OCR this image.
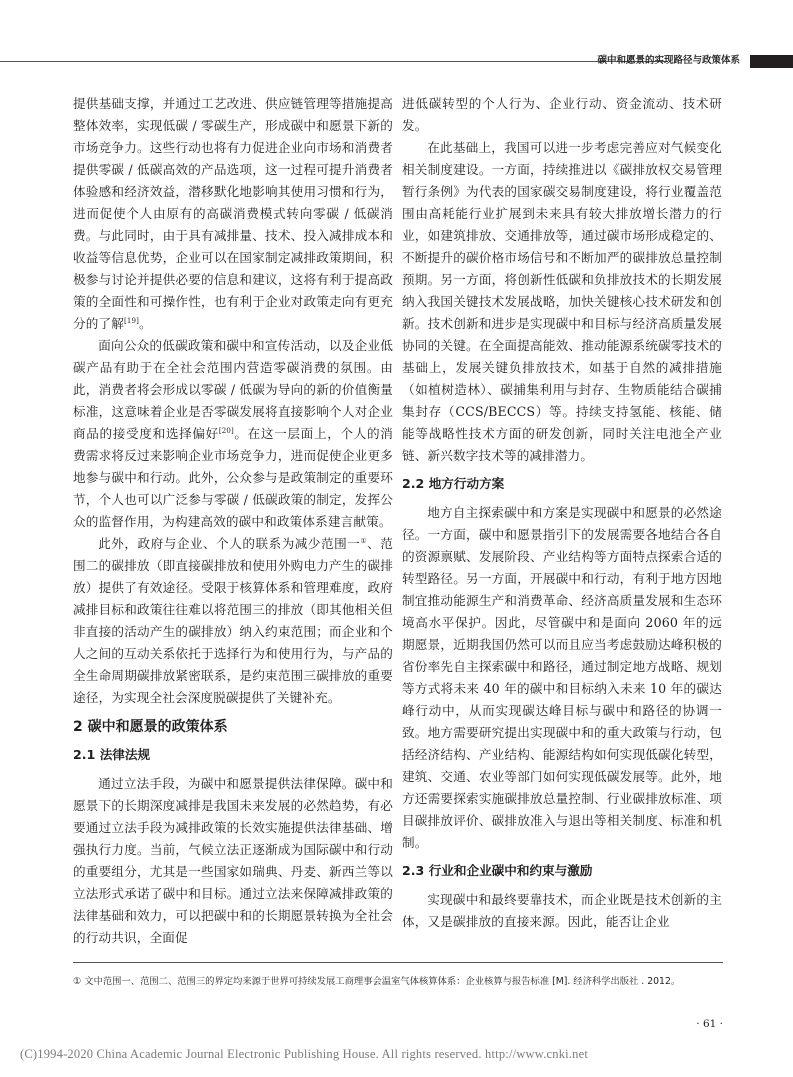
碳中和愿景的实现路径与政策体系

提供基础支撑，并通过工艺改进、供应链管理等措施提高整体效率，实现低碳 / 零碳生产，形成碳中和愿景下新的市场竞争力。这些行动也将有力促进企业向市场和消费者提供零碳 / 低碳高效的产品选项，这一过程可提升消费者体验感和经济效益，潜移默化地影响其使用习惯和行为，进而促使个人由原有的高碳消费模式转向零碳 / 低碳消费。与此同时，由于具有减排量、技术、投入减排成本和收益等信息优势，企业可以在国家制定减排政策期间，积极参与讨论并提供必要的信息和建议，这将有利于提高政策的全面性和可操作性，也有利于企业对政策走向有更充分的了解[19]。

面向公众的低碳政策和碳中和宣传活动，以及企业低碳产品有助于在全社会范围内营造零碳消费的氛围。由此，消费者将会形成以零碳 / 低碳为导向的新的价值衡量标准，这意味着企业是否零碳发展将直接影响个人对企业商品的接受度和选择偏好[20]。在这一层面上，个人的消费需求将反过来影响企业市场竞争力，进而促使企业更多地参与碳中和行动。此外，公众参与是政策制定的重要环节，个人也可以广泛参与零碳 / 低碳政策的制定，发挥公众的监督作用，为构建高效的碳中和政策体系建言献策。

此外，政府与企业、个人的联系为减少范围一①、范围二的碳排放（即直接碳排放和使用外购电力产生的碳排放）提供了有效途径。受限于核算体系和管理难度，政府减排目标和政策往往难以将范围三的排放（即其他相关但非直接的活动产生的碳排放）纳入约束范围；而企业和个人之间的互动关系依托于选择行为和使用行为，与产品的全生命周期碳排放紧密联系，是约束范围三碳排放的重要途径，为实现全社会深度脱碳提供了关键补充。

2 碳中和愿景的政策体系
2.1 法律法规

通过立法手段，为碳中和愿景提供法律保障。碳中和愿景下的长期深度减排是我国未来发展的必然趋势，有必要通过立法手段为减排政策的长效实施提供法律基础、增强执行力度。当前，气候立法正逐渐成为国际碳中和行动的重要组分，尤其是一些国家如瑞典、丹麦、新西兰等以立法形式承诺了碳中和目标。通过立法来保障减排政策的法律基础和效力，可以把碳中和的长期愿景转换为全社会的行动共识，全面促

进低碳转型的个人行为、企业行动、资金流动、技术研发。

在此基础上，我国可以进一步考虑完善应对气候变化相关制度建设。一方面，持续推进以《碳排放权交易管理暂行条例》为代表的国家碳交易制度建设，将行业覆盖范围由高耗能行业扩展到未来具有较大排放增长潜力的行业，如建筑排放、交通排放等，通过碳市场形成稳定的、不断提升的碳价格市场信号和不断加严的碳排放总量控制预期。另一方面，将创新性低碳和负排放技术的长期发展纳入我国关键技术发展战略，加快关键核心技术研发和创新。技术创新和进步是实现碳中和目标与经济高质量发展协同的关键。在全面提高能效、推动能源系统碳零技术的基础上，发展关键负排放技术，如基于自然的减排措施（如植树造林）、碳捕集利用与封存、生物质能结合碳捕集封存（CCS/BECCS）等。持续支持氢能、核能、储能等战略性技术方面的研发创新，同时关注电池全产业链、新兴数字技术等的减排潜力。

2.2 地方行动方案

地方自主探索碳中和方案是实现碳中和愿景的必然途径。一方面，碳中和愿景指引下的发展需要各地结合各自的资源禀赋、发展阶段、产业结构等方面特点探索合适的转型路径。另一方面，开展碳中和行动，有利于地方因地制宜推动能源生产和消费革命、经济高质量发展和生态环境高水平保护。因此，尽管碳中和是面向 2060 年的远期愿景，近期我国仍然可以而且应当考虑鼓励达峰积极的省份率先自主探索碳中和路径，通过制定地方战略、规划等方式将未来 40 年的碳中和目标纳入未来 10 年的碳达峰行动中，从而实现碳达峰目标与碳中和路径的协调一致。地方需要研究提出实现碳中和的重大政策与行动，包括经济结构、产业结构、能源结构如何实现低碳化转型，建筑、交通、农业等部门如何实现低碳发展等。此外，地方还需要探索实施碳排放总量控制、行业碳排放标准、项目碳排放评价、碳排放准入与退出等相关制度、标准和机制。

2.3 行业和企业碳中和约束与激励

实现碳中和最终要靠技术，而企业既是技术创新的主体，又是碳排放的直接来源。因此，能否让企业

① 文中范围一、范围二、范围三的界定均来源于世界可持续发展工商理事会温室气体核算体系：企业核算与报告标准 [M]. 经济科学出版社 . 2012。
· 61 ·
(C)1994-2020 China Academic Journal Electronic Publishing House. All rights reserved. http://www.cnki.net
